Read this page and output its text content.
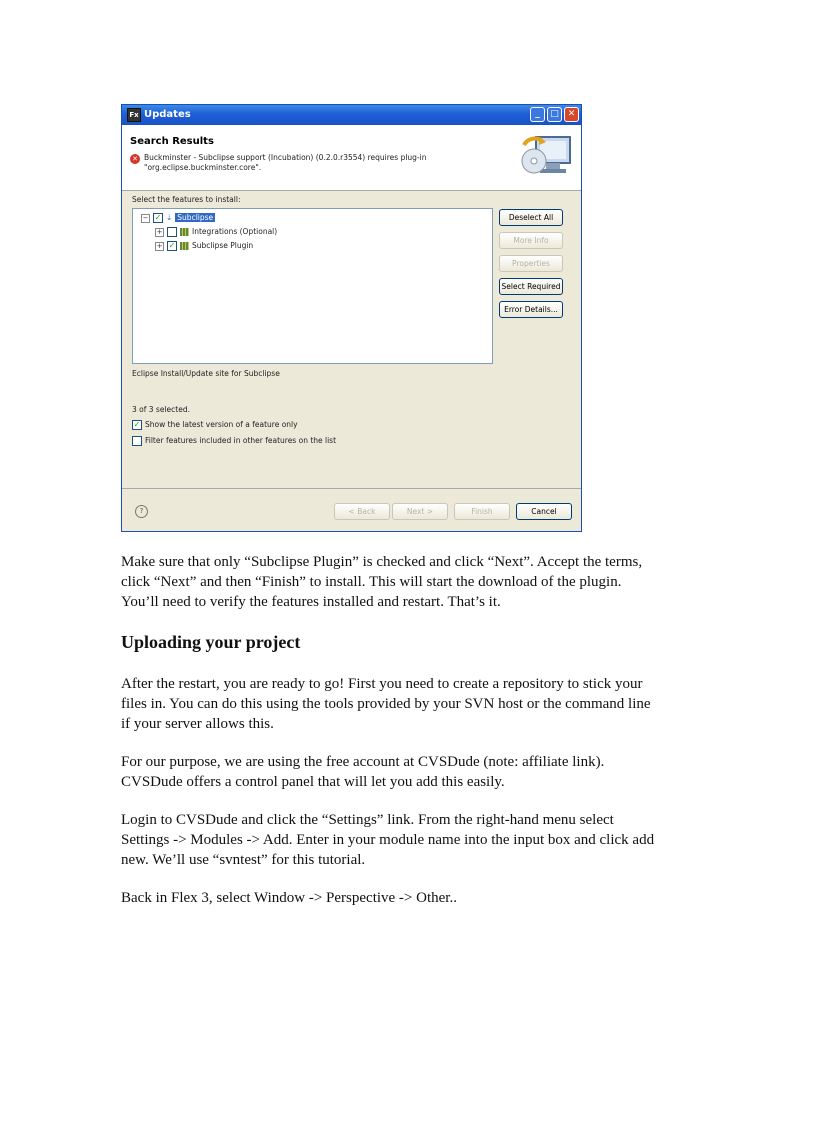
Fx Updates	_	□ ✕
Search Results
✕ Buckminster - Subclipse support (Incubation) (0.2.0.r3554) requires plug-in
"org.eclipse.buckminster.core".
Select the features to install:
− ✓ ⇣ Subclipse
+	Integrations (Optional)
+ ✓ Subclipse Plugin
Deselect All
More Info
Properties
Select Required
Error Details...
Eclipse Install/Update site for Subclipse
3 of 3 selected.
✓ Show the latest version of a feature only
Filter features included in other features on the list
?	< Back	Next >	Finish	Cancel
Make sure that only “Subclipse Plugin” is checked and click “Next”. Accept the terms,
click “Next” and then “Finish” to install. This will start the download of the plugin.
You’ll need to verify the features installed and restart. That’s it.
Uploading your project
After the restart, you are ready to go! First you need to create a repository to stick your
files in. You can do this using the tools provided by your SVN host or the command line
if your server allows this.
For our purpose, we are using the free account at CVSDude (note: affiliate link).
CVSDude offers a control panel that will let you add this easily.
Login to CVSDude and click the “Settings” link. From the right-hand menu select
Settings -> Modules -> Add. Enter in your module name into the input box and click add
new. We’ll use “svntest” for this tutorial.
Back in Flex 3, select Window -> Perspective -> Other..
